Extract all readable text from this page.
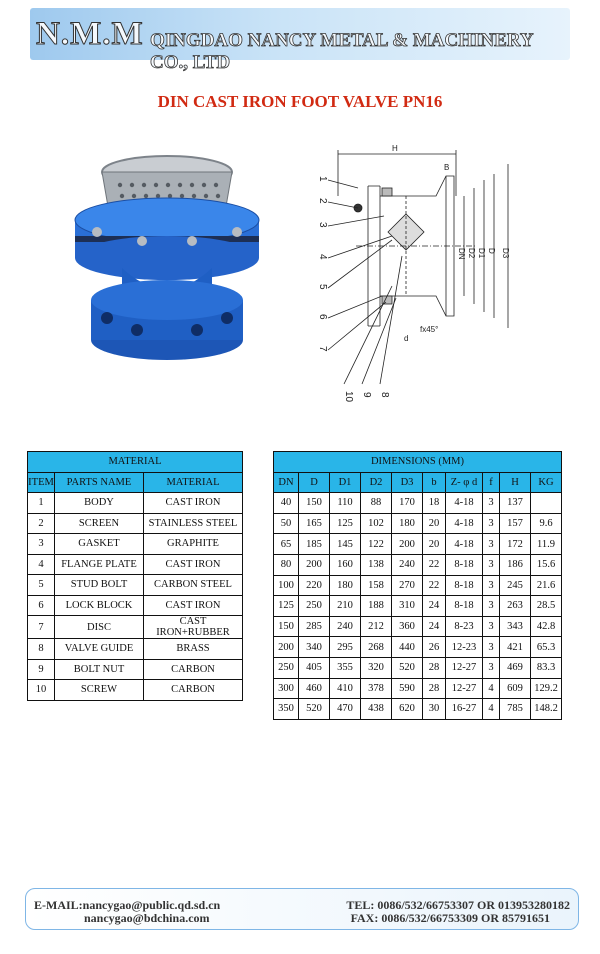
N.M.M QINGDAO NANCY METAL & MACHINERY CO., LTD
DIN CAST IRON FOOT VALVE PN16
H
DN D2 D1 D D3
B
fx45°
d
1
2
3
4
5
6
7
10 9 8
MATERIAL		
ITEM	PARTS NAME	MATERIAL
1	BODY	CAST IRON
2	SCREEN	STAINLESS STEEL
3	GASKET	GRAPHITE
4	FLANGE PLATE	CAST IRON
5	STUD BOLT	CARBON STEEL
6	LOCK BLOCK	CAST IRON
7	DISC	CAST IRON+RUBBER
8	VALVE GUIDE	BRASS
9	BOLT NUT	CARBON
10	SCREW	CARBON
DIMENSIONS (MM)									
DN	D	D1	D2	D3	b	Z- φ d	f	H	KG
40	150	110	88	170	18	4-18	3	137	
50	165	125	102	180	20	4-18	3	157	9.6
65	185	145	122	200	20	4-18	3	172	11.9
80	200	160	138	240	22	8-18	3	186	15.6
100	220	180	158	270	22	8-18	3	245	21.6
125	250	210	188	310	24	8-18	3	263	28.5
150	285	240	212	360	24	8-23	3	343	42.8
200	340	295	268	440	26	12-23	3	421	65.3
250	405	355	320	520	28	12-27	3	469	83.3
300	460	410	378	590	28	12-27	4	609	129.2
350	520	470	438	620	30	16-27	4	785	148.2
E-MAIL:nancygao@public.qd.sd.cn
nancygao@bdchina.com
TEL: 0086/532/66753307 OR 013953280182
FAX: 0086/532/66753309 OR 85791651
